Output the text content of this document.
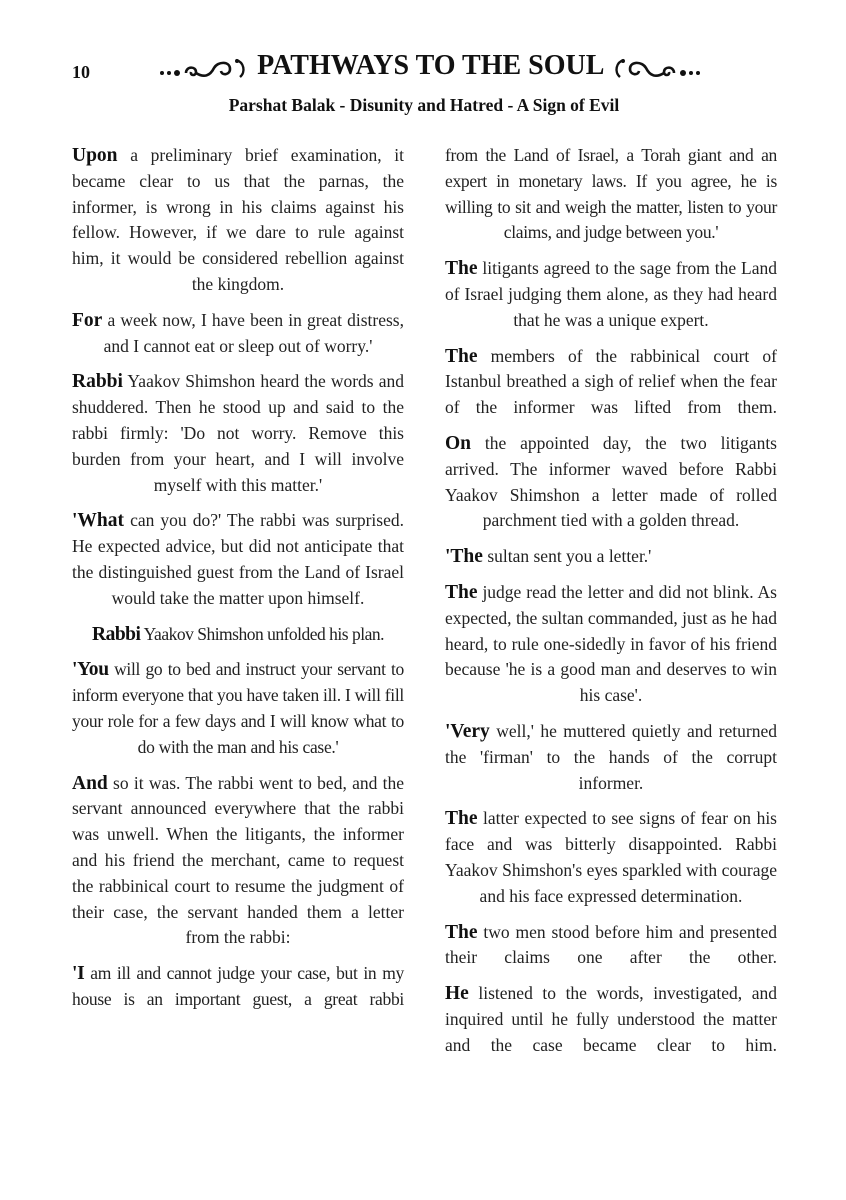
10	PATHWAYS TO THE SOUL
Parshat Balak - Disunity and Hatred - A Sign of Evil

Upon a preliminary brief examination, it became clear to us that the parnas, the informer, is wrong in his claims against his fellow. However, if we dare to rule against him, it would be considered rebellion against the kingdom.

For a week now, I have been in great distress, and I cannot eat or sleep out of worry.'

Rabbi Yaakov Shimshon heard the words and shuddered. Then he stood up and said to the rabbi firmly: 'Do not worry. Remove this burden from your heart, and I will involve myself with this matter.'

'What can you do?' The rabbi was surprised. He expected advice, but did not anticipate that the distinguished guest from the Land of Israel would take the matter upon himself.

Rabbi Yaakov Shimshon unfolded his plan.

'You will go to bed and instruct your servant to inform everyone that you have taken ill. I will fill your role for a few days and I will know what to do with the man and his case.'

And so it was. The rabbi went to bed, and the servant announced everywhere that the rabbi was unwell. When the litigants, the informer and his friend the merchant, came to request the rabbinical court to resume the judgment of their case, the servant handed them a letter from the rabbi:

'I am ill and cannot judge your case, but in my house is an important guest, a great rabbi

from the Land of Israel, a Torah giant and an expert in monetary laws. If you agree, he is willing to sit and weigh the matter, listen to your claims, and judge between you.'

The litigants agreed to the sage from the Land of Israel judging them alone, as they had heard that he was a unique expert.

The members of the rabbinical court of Istanbul breathed a sigh of relief when the fear of the informer was lifted from them.

On the appointed day, the two litigants arrived. The informer waved before Rabbi Yaakov Shimshon a letter made of rolled parchment tied with a golden thread.

'The sultan sent you a letter.'

The judge read the letter and did not blink. As expected, the sultan commanded, just as he had heard, to rule one-sidedly in favor of his friend because 'he is a good man and deserves to win his case'.

'Very well,' he muttered quietly and returned the 'firman' to the hands of the corrupt informer.

The latter expected to see signs of fear on his face and was bitterly disappointed. Rabbi Yaakov Shimshon's eyes sparkled with courage and his face expressed determination.

The two men stood before him and presented their claims one after the other.

He listened to the words, investigated, and inquired until he fully understood the matter and the case became clear to him.
